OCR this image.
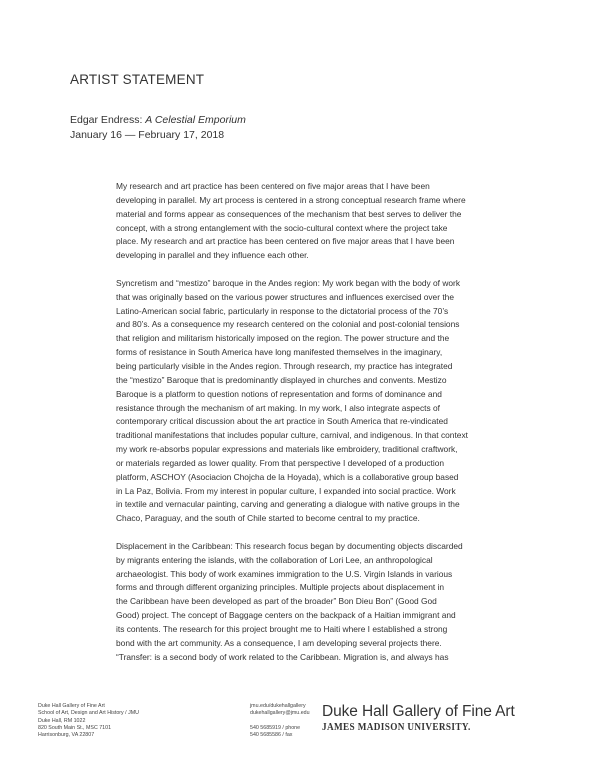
ARTIST STATEMENT
Edgar Endress: A Celestial Emporium
January 16 — February 17, 2018

My research and art practice has been centered on five major areas that I have been
developing in parallel. My art process is centered in a strong conceptual research frame where
material and forms appear as consequences of the mechanism that best serves to deliver the
concept, with a strong entanglement with the socio-cultural context where the project take
place. My research and art practice has been centered on five major areas that I have been
developing in parallel and they influence each other.

Syncretism and “mestizo” baroque in the Andes region: My work began with the body of work
that was originally based on the various power structures and influences exercised over the
Latino-American social fabric, particularly in response to the dictatorial process of the 70’s
and 80’s. As a consequence my research centered on the colonial and post-colonial tensions
that religion and militarism historically imposed on the region. The power structure and the
forms of resistance in South America have long manifested themselves in the imaginary,
being particularly visible in the Andes region. Through research, my practice has integrated
the “mestizo” Baroque that is predominantly displayed in churches and convents. Mestizo
Baroque is a platform to question notions of representation and forms of dominance and
resistance through the mechanism of art making. In my work, I also integrate aspects of
contemporary critical discussion about the art practice in South America that re-vindicated
traditional manifestations that includes popular culture, carnival, and indigenous. In that context
my work re-absorbs popular expressions and materials like embroidery, traditional craftwork,
or materials regarded as lower quality. From that perspective I developed of a production
platform, ASCHOY (Asociacion Chojcha de la Hoyada), which is a collaborative group based
in La Paz, Bolivia. From my interest in popular culture, I expanded into social practice. Work
in textile and vernacular painting, carving and generating a dialogue with native groups in the
Chaco, Paraguay, and the south of Chile started to become central to my practice.

Displacement in the Caribbean: This research focus began by documenting objects discarded
by migrants entering the islands, with the collaboration of Lori Lee, an anthropological
archaeologist. This body of work examines immigration to the U.S. Virgin Islands in various
forms and through different organizing principles. Multiple projects about displacement in
the Caribbean have been developed as part of the broader” Bon Dieu Bon” (Good God
Good) project. The concept of Baggage centers on the backpack of a Haitian immigrant and
its contents. The research for this project brought me to Haiti where I established a strong
bond with the art community. As a consequence, I am developing several projects there.
“Transfer: is a second body of work related to the Caribbean. Migration is, and always has

Duke Hall Gallery of Fine Art
School of Art, Design and Art History / JMU
Duke Hall, RM 1022
820 South Main St., MSC 7101
Harrisonburg, VA 22807
jmu.edu/dukehallgallery
dukehallgallery@jmu.edu
540 5685919 / phone
540 5685586 / fax
Duke Hall Gallery of Fine Art
JAMES MADISON UNIVERSITY.
